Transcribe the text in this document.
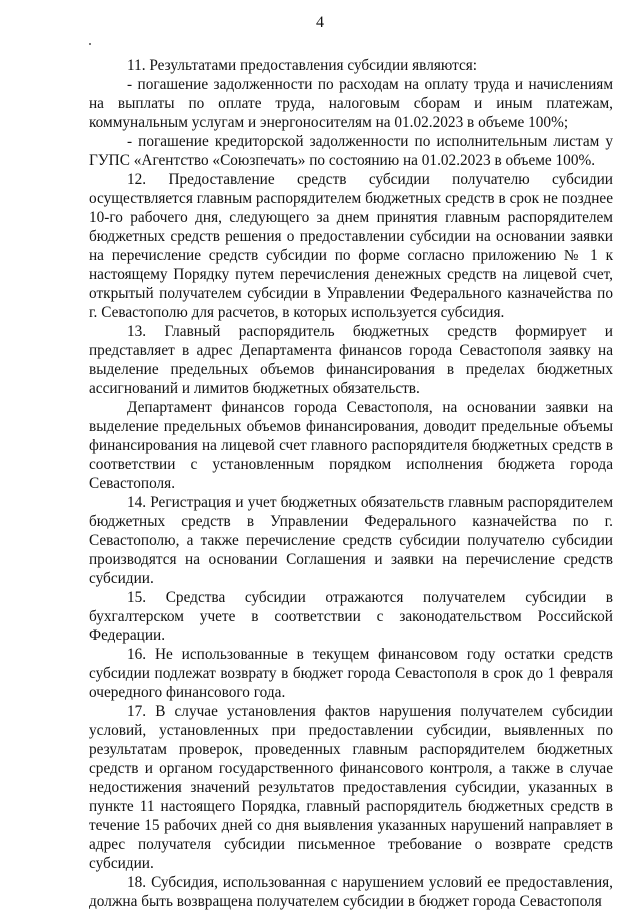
4

11. Результатами предоставления субсидии являются:

- погашение задолженности по расходам на оплату труда и начислениям на выплаты по оплате труда, налоговым сборам и иным платежам, коммунальным услугам и энергоносителям на 01.02.2023 в объеме 100%;

- погашение кредиторской задолженности по исполнительным листам у ГУПС «Агентство «Союзпечать» по состоянию на 01.02.2023 в объеме 100%.

12. Предоставление средств субсидии получателю субсидии осуществляется главным распорядителем бюджетных средств в срок не позднее 10-го рабочего дня, следующего за днем принятия главным распорядителем бюджетных средств решения о предоставлении субсидии на основании заявки на перечисление средств субсидии по форме согласно приложению № 1 к настоящему Порядку путем перечисления денежных средств на лицевой счет, открытый получателем субсидии в Управлении Федерального казначейства по г. Севастополю для расчетов, в которых используется субсидия.

13. Главный распорядитель бюджетных средств формирует и представляет в адрес Департамента финансов города Севастополя заявку на выделение предельных объемов финансирования в пределах бюджетных ассигнований и лимитов бюджетных обязательств.

Департамент финансов города Севастополя, на основании заявки на выделение предельных объемов финансирования, доводит предельные объемы финансирования на лицевой счет главного распорядителя бюджетных средств в соответствии с установленным порядком исполнения бюджета города Севастополя.

14. Регистрация и учет бюджетных обязательств главным распорядителем бюджетных средств в Управлении Федерального казначейства по г. Севастополю, а также перечисление средств субсидии получателю субсидии производятся на основании Соглашения и заявки на перечисление средств субсидии.

15. Средства субсидии отражаются получателем субсидии в бухгалтерском учете в соответствии с законодательством Российской Федерации.

16. Не использованные в текущем финансовом году остатки средств субсидии подлежат возврату в бюджет города Севастополя в срок до 1 февраля очередного финансового года.

17. В случае установления фактов нарушения получателем субсидии условий, установленных при предоставлении субсидии, выявленных по результатам проверок, проведенных главным распорядителем бюджетных средств и органом государственного финансового контроля, а также в случае недостижения значений результатов предоставления субсидии, указанных в пункте 11 настоящего Порядка, главный распорядитель бюджетных средств в течение 15 рабочих дней со дня выявления указанных нарушений направляет в адрес получателя субсидии письменное требование о возврате средств субсидии.

18. Субсидия, использованная с нарушением условий ее предоставления, должна быть возвращена получателем субсидии в бюджет города Севастополя
